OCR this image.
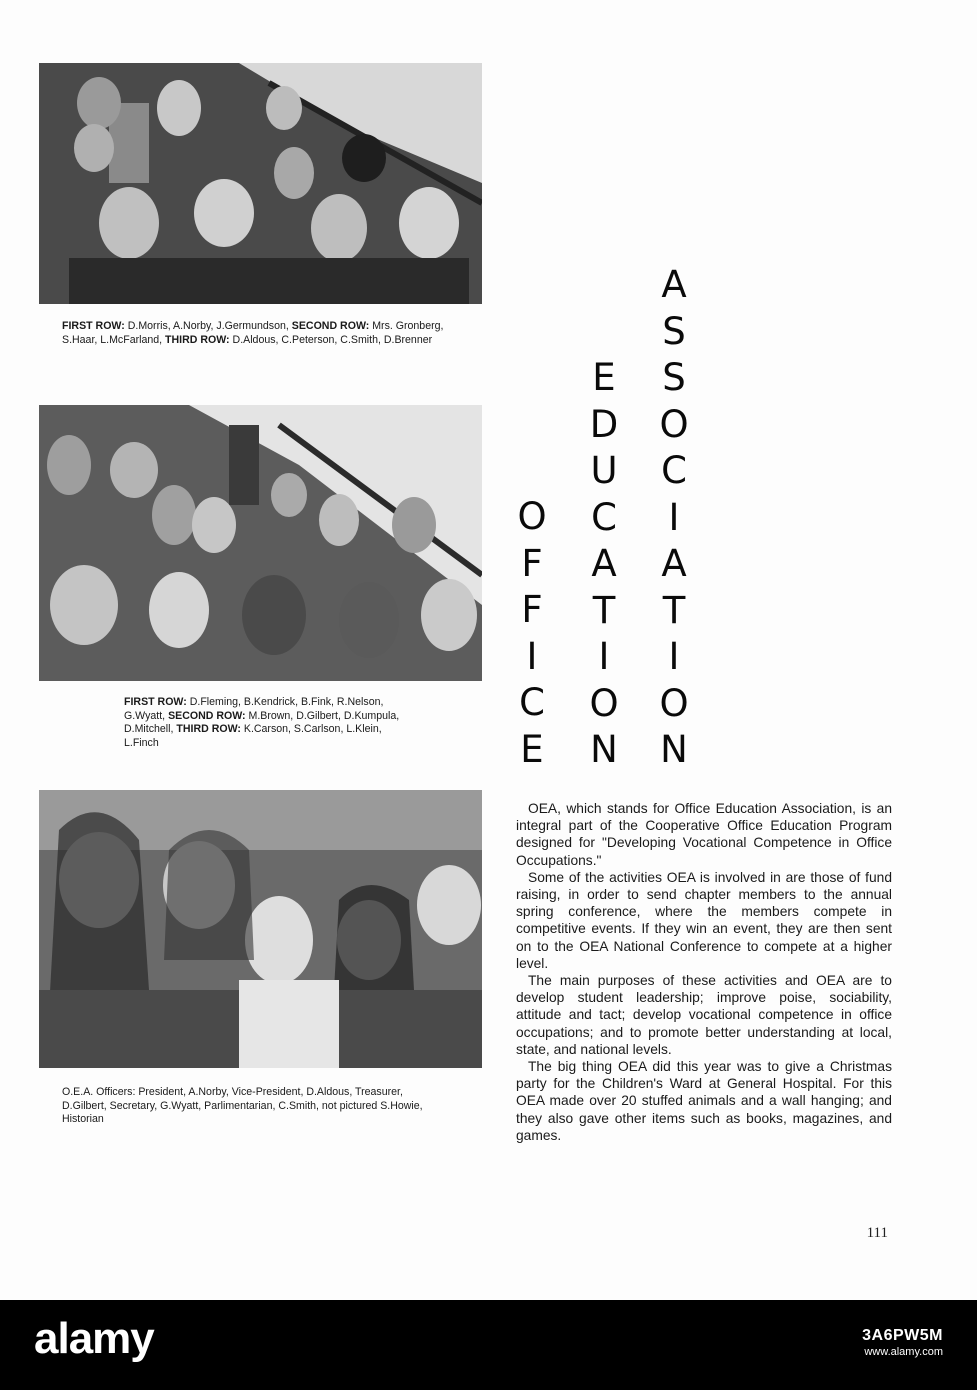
FIRST ROW: D.Morris, A.Norby, J.Germundson, SECOND ROW: Mrs. Gronberg, S.Haar, L.McFarland, THIRD ROW: D.Aldous, C.Peterson, C.Smith, D.Brenner
FIRST ROW: D.Fleming, B.Kendrick, B.Fink, R.Nelson, G.Wyatt, SECOND ROW: M.Brown, D.Gilbert, D.Kumpula, D.Mitchell, THIRD ROW: K.Carson, S.Carlson, L.Klein, L.Finch
O.E.A. Officers: President, A.Norby, Vice-President, D.Aldous, Treasurer, D.Gilbert, Secretary, G.Wyatt, Parlimentarian, C.Smith, not pictured S.Howie, Historian
O
F
F
I
C
E
E
D
U
C
A
T
I
O
N
A
S
S
O
C
I
A
T
I
O
N

OEA, which stands for Office Education Association, is an integral part of the Cooperative Office Education Program designed for "Developing Vocational Competence in Office Occupations."

Some of the activities OEA is involved in are those of fund raising, in order to send chapter members to the annual spring conference, where the members compete in competitive events. If they win an event, they are then sent on to the OEA National Conference to compete at a higher level.

The main purposes of these activities and OEA are to develop student leadership; improve poise, sociability, attitude and tact; develop vocational competence in office occupations; and to promote better understanding at local, state, and national levels.

The big thing OEA did this year was to give a Christmas party for the Children's Ward at General Hospital. For this OEA made over 20 stuffed animals and a wall hanging; and they also gave other items such as books, magazines, and games.

111
alamy	3A6PW5M
www.alamy.com
